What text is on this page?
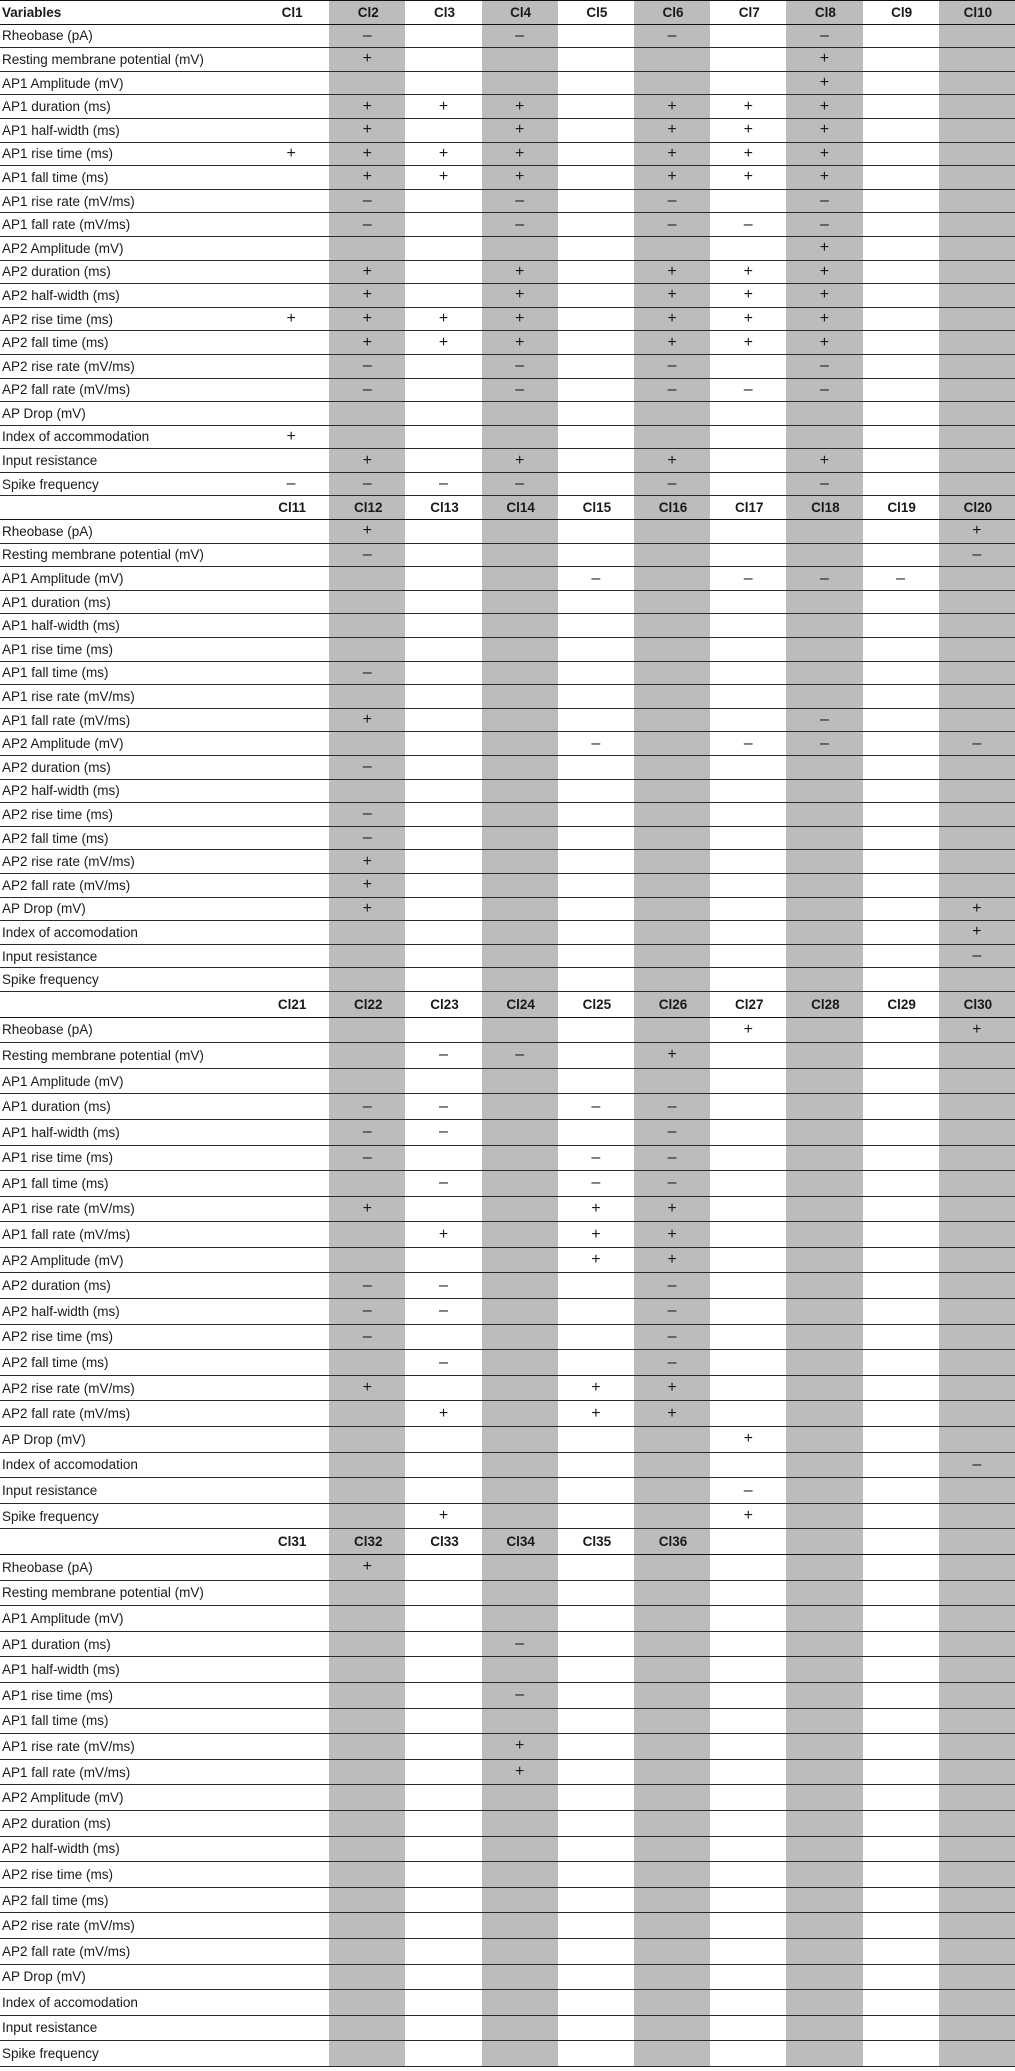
Variables	Cl1	Cl2	Cl3	Cl4	Cl5	Cl6	Cl7	Cl8	Cl9	Cl10
Rheobase (pA)		–		–		–		–		
Resting membrane potential (mV)		+						+		
AP1 Amplitude (mV)								+		
AP1 duration (ms)		+	+	+		+	+	+		
AP1 half-width (ms)		+		+		+	+	+		
AP1 rise time (ms)	+	+	+	+		+	+	+		
AP1 fall time (ms)		+	+	+		+	+	+		
AP1 rise rate (mV/ms)		–		–		–		–		
AP1 fall rate (mV/ms)		–		–		–	–	–		
AP2 Amplitude (mV)								+		
AP2 duration (ms)		+		+		+	+	+		
AP2 half-width (ms)		+		+		+	+	+		
AP2 rise time (ms)	+	+	+	+		+	+	+		
AP2 fall time (ms)		+	+	+		+	+	+		
AP2 rise rate (mV/ms)		–		–		–		–		
AP2 fall rate (mV/ms)		–		–		–	–	–		
AP Drop (mV)										
Index of accommodation	+									
Input resistance		+		+		+		+		
Spike frequency	–	–	–	–		–		–		
	Cl11	Cl12	Cl13	Cl14	Cl15	Cl16	Cl17	Cl18	Cl19	Cl20
Rheobase (pA)		+								+
Resting membrane potential (mV)		–								–
AP1 Amplitude (mV)					–		–	–	–	
AP1 duration (ms)										
AP1 half-width (ms)										
AP1 rise time (ms)										
AP1 fall time (ms)		–								
AP1 rise rate (mV/ms)										
AP1 fall rate (mV/ms)		+						–		
AP2 Amplitude (mV)					–		–	–		–
AP2 duration (ms)		–								
AP2 half-width (ms)										
AP2 rise time (ms)		–								
AP2 fall time (ms)		–								
AP2 rise rate (mV/ms)		+								
AP2 fall rate (mV/ms)		+								
AP Drop (mV)		+								+
Index of accomodation										+
Input resistance										–
Spike frequency										
	Cl21	Cl22	Cl23	Cl24	Cl25	Cl26	Cl27	Cl28	Cl29	Cl30
Rheobase (pA)							+			+
Resting membrane potential (mV)			–	–		+				
AP1 Amplitude (mV)										
AP1 duration (ms)		–	–		–	–				
AP1 half-width (ms)		–	–			–				
AP1 rise time (ms)		–			–	–				
AP1 fall time (ms)			–		–	–				
AP1 rise rate (mV/ms)		+			+	+				
AP1 fall rate (mV/ms)			+		+	+				
AP2 Amplitude (mV)					+	+				
AP2 duration (ms)		–	–			–				
AP2 half-width (ms)		–	–			–				
AP2 rise time (ms)		–				–				
AP2 fall time (ms)			–			–				
AP2 rise rate (mV/ms)		+			+	+				
AP2 fall rate (mV/ms)			+		+	+				
AP Drop (mV)							+			
Index of accomodation										–
Input resistance							–			
Spike frequency			+				+			
	Cl31	Cl32	Cl33	Cl34	Cl35	Cl36				
Rheobase (pA)		+								
Resting membrane potential (mV)										
AP1 Amplitude (mV)										
AP1 duration (ms)				–						
AP1 half-width (ms)										
AP1 rise time (ms)				–						
AP1 fall time (ms)										
AP1 rise rate (mV/ms)				+						
AP1 fall rate (mV/ms)				+						
AP2 Amplitude (mV)										
AP2 duration (ms)										
AP2 half-width (ms)										
AP2 rise time (ms)										
AP2 fall time (ms)										
AP2 rise rate (mV/ms)										
AP2 fall rate (mV/ms)										
AP Drop (mV)										
Index of accomodation										
Input resistance										
Spike frequency										
